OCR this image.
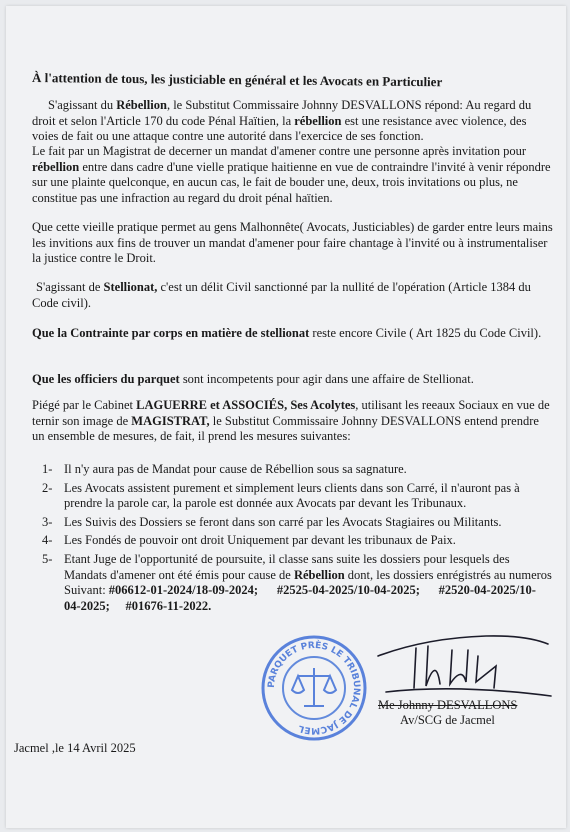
À l'attention de tous, les justiciable en général et les Avocats en Particulier

S'agissant du Rébellion, le Substitut Commissaire Johnny DESVALLONS répond: Au regard du droit et selon l'Article 170 du code Pénal Haïtien, la rébellion est une resistance avec violence, des voies de fait ou une attaque contre une autorité dans l'exercice de ses fonction.

Le fait par un Magistrat de decerner un mandat d'amener contre une personne après invitation pour rébellion entre dans cadre d'une vielle pratique haitienne en vue de contraindre l'invité à venir répondre sur une plainte quelconque, en aucun cas, le fait de bouder une, deux, trois invitations ou plus, ne constitue pas une infraction au regard du droit pénal haïtien.

Que cette vieille pratique permet au gens Malhonnête( Avocats, Justiciables) de garder entre leurs mains les invitions aux fins de trouver un mandat d'amener pour faire chantage à l'invité ou à instrumentaliser la justice contre le Droit.

S'agissant de Stellionat, c'est un délit Civil sanctionné par la nullité de l'opération (Article 1384 du Code civil).

Que la Contrainte par corps en matière de stellionat reste encore Civile ( Art 1825 du Code Civil).

Que les officiers du parquet sont incompetents pour agir dans une affaire de Stellionat.

Piégé par le Cabinet LAGUERRE et ASSOCIÉS, Ses Acolytes, utilisant les reeaux Sociaux en vue de ternir son image de MAGISTRAT, le Substitut Commissaire Johnny DESVALLONS entend prendre un ensemble de mesures, de fait, il prend les mesures suivantes:

1- Il n'y aura pas de Mandat pour cause de Rébellion sous sa sagnature.
2- Les Avocats assistent purement et simplement leurs clients dans son Carré, il n'auront pas à prendre la parole car, la parole est donnée aux Avocats par devant les Tribunaux.
3- Les Suivis des Dossiers se feront dans son carré par les Avocats Stagiaires ou Militants.
4- Les Fondés de pouvoir ont droit Uniquement par devant les tribunaux de Paix.
5- Etant Juge de l'opportunité de poursuite, il classe sans suite les dossiers pour lesquels des Mandats d'amener ont été émis pour cause de Rébellion dont, les dossiers enrégistrés au numeros Suivant: #06612-01-2024/18-09-2024; #2525-04-2025/10-04-2025; #2520-04-2025/10-04-2025; #01676-11-2022.
PARQUET PRÈS LE TRIBUNAL DE JACMEL
Me Johnny DESVALLONS
Av/SCG de Jacmel
Jacmel ,le 14 Avril 2025
